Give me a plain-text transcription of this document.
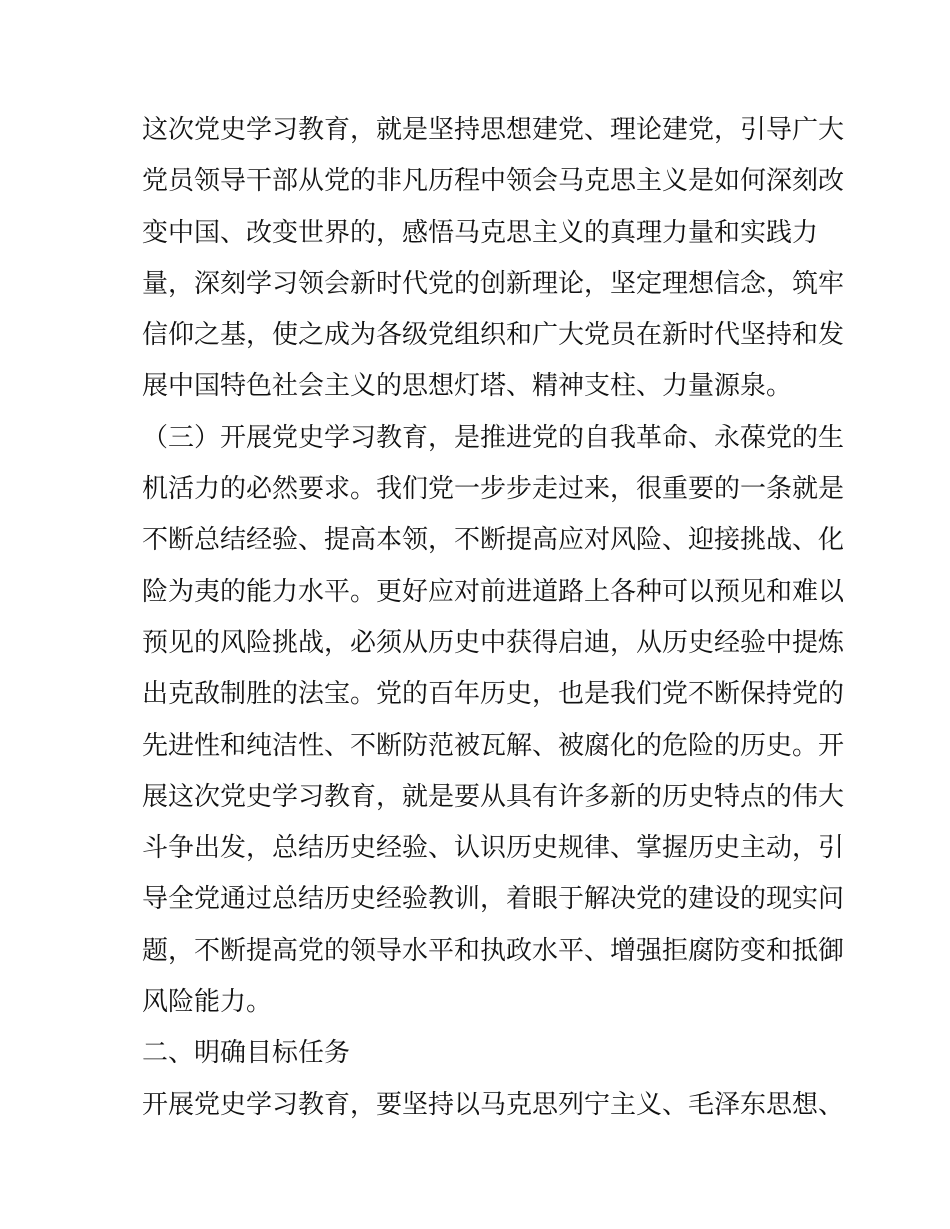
这次党史学习教育，就是坚持思想建党、理论建党，引导广大
党员领导干部从党的非凡历程中领会马克思主义是如何深刻改
变中国、改变世界的，感悟马克思主义的真理力量和实践力
量，深刻学习领会新时代党的创新理论，坚定理想信念，筑牢
信仰之基，使之成为各级党组织和广大党员在新时代坚持和发
展中国特色社会主义的思想灯塔、精神支柱、力量源泉。
（三）开展党史学习教育，是推进党的自我革命、永葆党的生
机活力的必然要求。我们党一步步走过来，很重要的一条就是
不断总结经验、提高本领，不断提高应对风险、迎接挑战、化
险为夷的能力水平。更好应对前进道路上各种可以预见和难以
预见的风险挑战，必须从历史中获得启迪，从历史经验中提炼
出克敌制胜的法宝。党的百年历史，也是我们党不断保持党的
先进性和纯洁性、不断防范被瓦解、被腐化的危险的历史。开
展这次党史学习教育，就是要从具有许多新的历史特点的伟大
斗争出发，总结历史经验、认识历史规律、掌握历史主动，引
导全党通过总结历史经验教训，着眼于解决党的建设的现实问
题，不断提高党的领导水平和执政水平、增强拒腐防变和抵御
风险能力。
二、明确目标任务
开展党史学习教育，要坚持以马克思列宁主义、毛泽东思想、
